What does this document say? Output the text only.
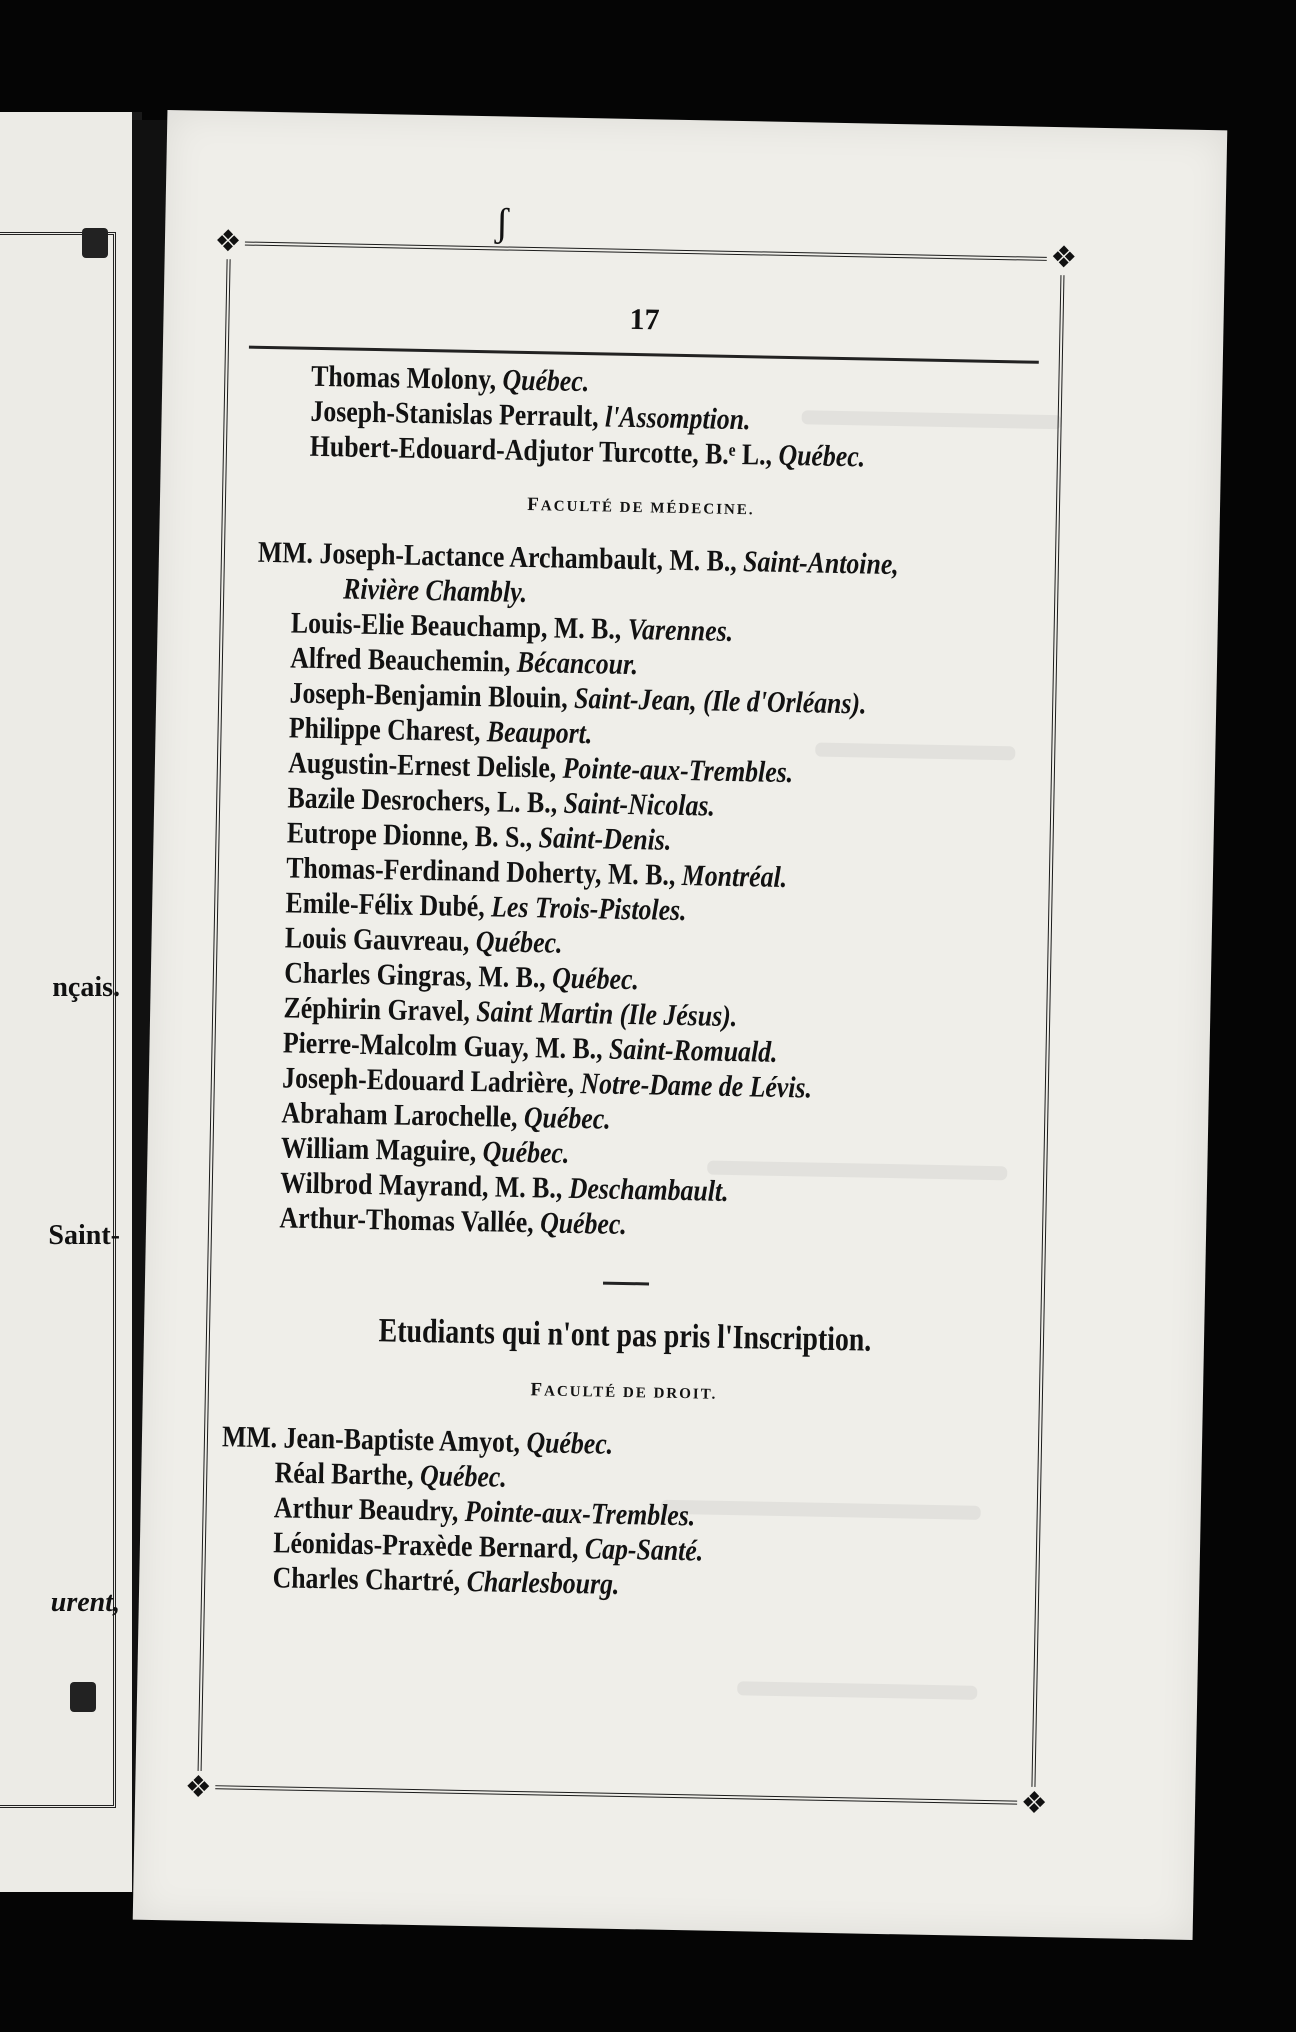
nçais.
Saint-
urent,
ʃ
❖	❖
❖	❖
17
Thomas Molony, Québec.
Joseph-Stanislas Perrault, l'Assomption.
Hubert-Edouard-Adjutor Turcotte, B.ͤ L., Québec.
FACULTÉ DE MÉDECINE.
MM. Joseph-Lactance Archambault, M. B., Saint-Antoine,
Rivière Chambly.
Louis-Elie Beauchamp, M. B., Varennes.
Alfred Beauchemin, Bécancour.
Joseph-Benjamin Blouin, Saint-Jean, (Ile d'Orléans).
Philippe Charest, Beauport.
Augustin-Ernest Delisle, Pointe-aux-Trembles.
Bazile Desrochers, L. B., Saint-Nicolas.
Eutrope Dionne, B. S., Saint-Denis.
Thomas-Ferdinand Doherty, M. B., Montréal.
Emile-Félix Dubé, Les Trois-Pistoles.
Louis Gauvreau, Québec.
Charles Gingras, M. B., Québec.
Zéphirin Gravel, Saint Martin (Ile Jésus).
Pierre-Malcolm Guay, M. B., Saint-Romuald.
Joseph-Edouard Ladrière, Notre-Dame de Lévis.
Abraham Larochelle, Québec.
William Maguire, Québec.
Wilbrod Mayrand, M. B., Deschambault.
Arthur-Thomas Vallée, Québec.
Etudiants qui n'ont pas pris l'Inscription.
FACULTÉ DE DROIT.
MM. Jean-Baptiste Amyot, Québec.
Réal Barthe, Québec.
Arthur Beaudry, Pointe-aux-Trembles.
Léonidas-Praxède Bernard, Cap-Santé.
Charles Chartré, Charlesbourg.
